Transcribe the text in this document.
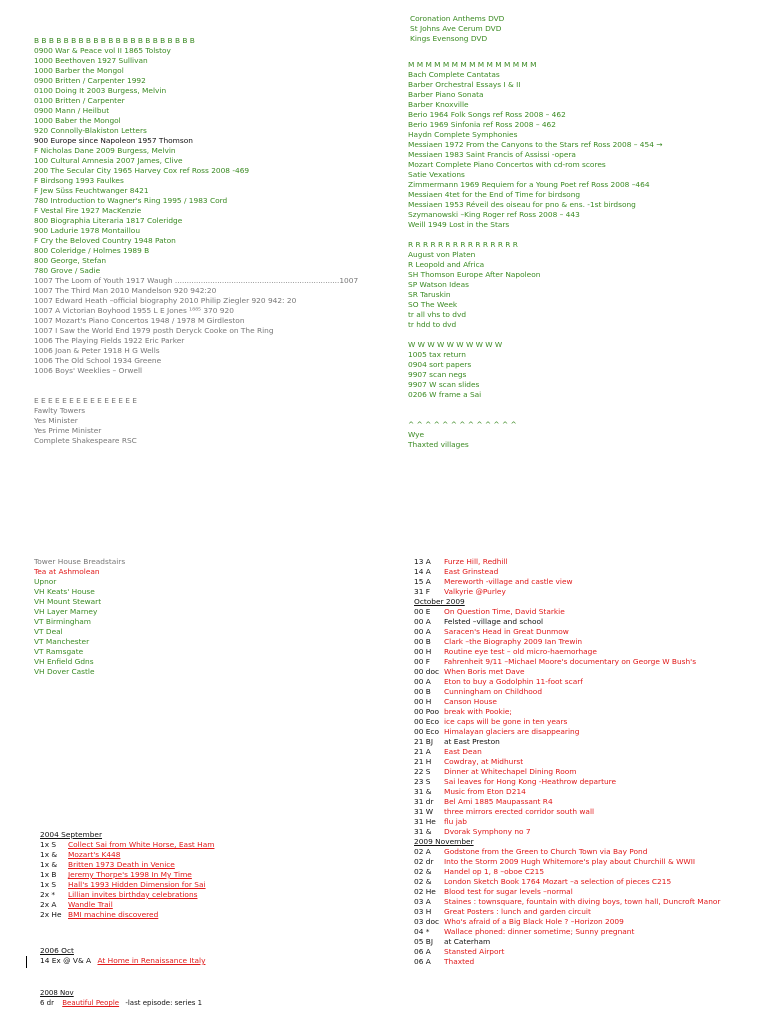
B B B B B B B B B B B B B B B B B B B B B B
0900 War & Peace vol II 1865 Tolstoy
1000 Beethoven 1927 Sullivan
1000 Barber the Mongol
0900 Britten / Carpenter 1992
0100 Doing It 2003 Burgess, Melvin
0100 Britten / Carpenter
0900 Mann / Heilbut
1000 Baber the Mongol
920 Connolly-Blakiston Letters
900 Europe since Napoleon 1957 Thomson
F Nicholas Dane 2009 Burgess, Melvin
100 Cultural Amnesia 2007 James, Clive
200 The Secular City 1965 Harvey Cox ref Ross 2008 -469
F Birdsong 1993 Faulkes
F Jew Süss Feuchtwanger 8421
780 Introduction to Wagner's Ring 1995 / 1983 Cord
F Vestal Fire 1927 MacKenzie
800 Biographia Literaria 1817 Coleridge
900 Ladurie 1978 Montaillou
F Cry the Beloved Country 1948 Paton
800 Coleridge / Holmes 1989 B
800 George, Stefan
780 Grove / Sadie
1007 The Loom of Youth 1917 Waugh ......................................................................1007
1007 The Third Man 2010 Mandelson 920 942:20
1007 Edward Heath –official biography 2010 Philip Ziegler 920 942: 20
1007 A Victorian Boyhood 1955 L E Jones ¹⁸⁸⁵ 370 920
1007 Mozart's Piano Concertos 1948 / 1978 M Girdleston
1007 I Saw the World End 1979 posth Deryck Cooke on The Ring
1006 The Playing Fields 1922 Eric Parker
1006 Joan & Peter 1918 H G Wells
1006 The Old School 1934 Greene
1006 Boys' Weeklies – Orwell
E E E E E E E E E E E E E E E
Fawlty Towers
Yes Minister
Yes Prime Minister
Complete Shakespeare RSC
Coronation Anthems DVD
St Johns Ave Cerum DVD
Kings Evensong DVD
M M M M M M M M M M M M M M M
Bach Complete Cantatas
Barber Orchestral Essays I & II
Barber Piano Sonata
Barber Knoxville
Berio 1964 Folk Songs ref Ross 2008 – 462
Berio 1969 Sinfonia ref Ross 2008 – 462
Haydn Complete Symphonies
Messiaen 1972 From the Canyons to the Stars ref Ross 2008 – 454 →
Messiaen 1983 Saint Francis of Assissi -opera
Mozart Complete Piano Concertos with cd-rom scores
Satie Vexations
Zimmermann 1969 Requiem for a Young Poet ref Ross 2008 –464
Messiaen 4tet for the End of Time for birdsong
Messiaen 1953 Réveil des oiseau for pno & ens. -1st birdsong
Szymanowski –King Roger ref Ross 2008 – 443
Weill 1949 Lost in the Stars
R R R R R R R R R R R R R R R
August von Platen
R Leopold and Africa
SH Thomson Europe After Napoleon
SP Watson Ideas
SR Taruskin
SO The Week
tr all vhs to dvd
tr hdd to dvd
W W W W W W W W W W
1005 tax return
0904 sort papers
9907 scan negs
9907 W scan slides
0206 W frame a Sai
^ ^ ^ ^ ^ ^ ^ ^ ^ ^ ^ ^ ^
Wye
Thaxted villages
Tower House Breadstairs
Tea at Ashmolean
Upnor
VH Keats' House
VH Mount Stewart
VH Layer Marney
VT Birmingham
VT Deal
VT Manchester
VT Ramsgate
VH Enfield Gdns
VH Dover Castle
2004 September
1x S Collect Sai from White Horse, East Ham
1x & Mozart's K448
1x & Britten 1973 Death in Venice
1x B Jeremy Thorpe's 1998 In My Time
1x S Hall's 1993 Hidden Dimension for Sai
2x * Lillian invites birthday celebrations
2x A Wandle Trail
2x He BMI machine discovered
2006 Oct
14 Ex @ V& A At Home in Renaissance Italy
2008 Nov
6 dr Beautiful People -last episode: series 1
13 A Furze Hill, Redhill
14 A East Grinstead
15 A Mereworth -village and castle view
31 F Valkyrie @Purley
October 2009
00 E On Question Time, David Starkie
00 A Felsted –village and school
00 A Saracen's Head in Great Dunmow
00 B Clark –the Biography 2009 Ian Trewin
00 H Routine eye test – old micro-haemorhage
00 F Fahrenheit 9/11 –Michael Moore's documentary on George W Bush's
00 doc When Boris met Dave
00 A Eton to buy a Godolphin 11-foot scarf
00 B Cunningham on Childhood
00 H Canson House
00 Poo break with Pookie;
00 Eco ice caps will be gone in ten years
00 Eco Himalayan glaciers are disappearing
21 BJ at East Preston
21 A East Dean
21 H Cowdray, at Midhurst
22 S Dinner at Whitechapel Dining Room
23 S Sai leaves for Hong Kong -Heathrow departure
31 & Music from Eton D214
31 dr Bel Ami 1885 Maupassant R4
31 W three mirrors erected corridor south wall
31 He flu jab
31 & Dvorak Symphony no 7
2009 November
02 A Godstone from the Green to Church Town via Bay Pond
02 dr Into the Storm 2009 Hugh Whitemore's play about Churchill & WWII
02 & Handel op 1, 8 –oboe C215
02 & London Sketch Book 1764 Mozart –a selection of pieces C215
02 He Blood test for sugar levels –normal
03 A Staines : townsquare, fountain with diving boys, town hall, Duncroft Manor
03 H Great Posters : lunch and garden circuit
03 doc Who's afraid of a Big Black Hole ? –Horizon 2009
04 * Wallace phoned: dinner sometime; Sunny pregnant
05 BJ at Caterham
06 A Stansted Airport
06 A Thaxted
